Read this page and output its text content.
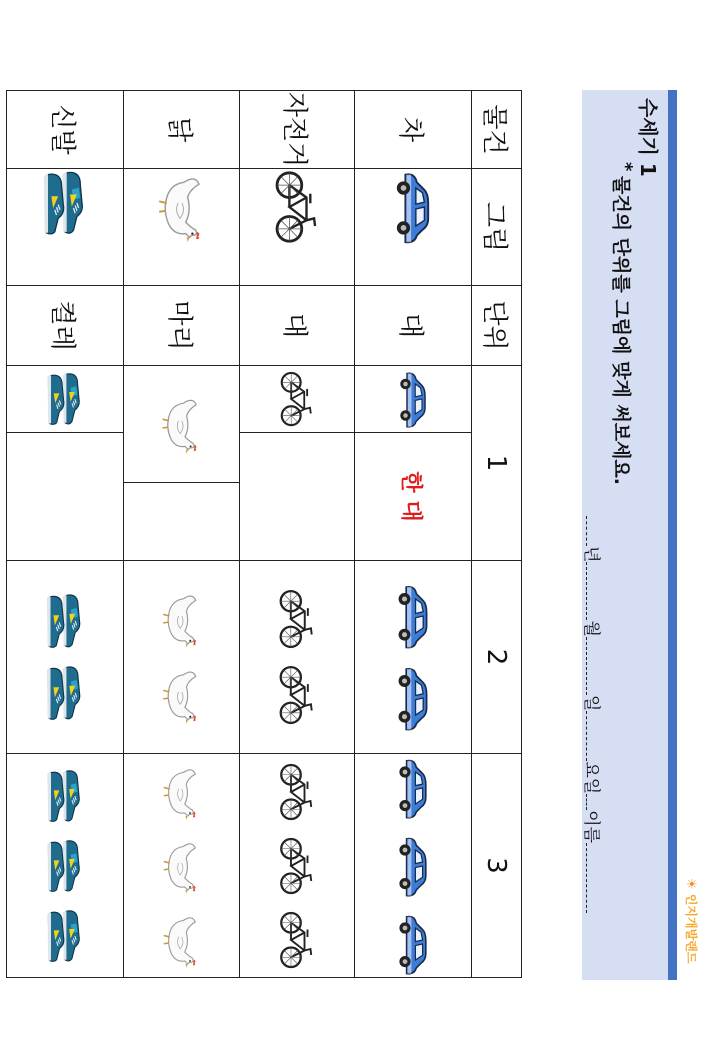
수세기 1
*
물건의 단위를 그림에 맞게 써보세요.
년월일요일이름
☀ 인지개발랜드
물건	그림	단위	1	2	3
차		대	한 대

자전거		대	

닭		마리	

신발		켤레	
